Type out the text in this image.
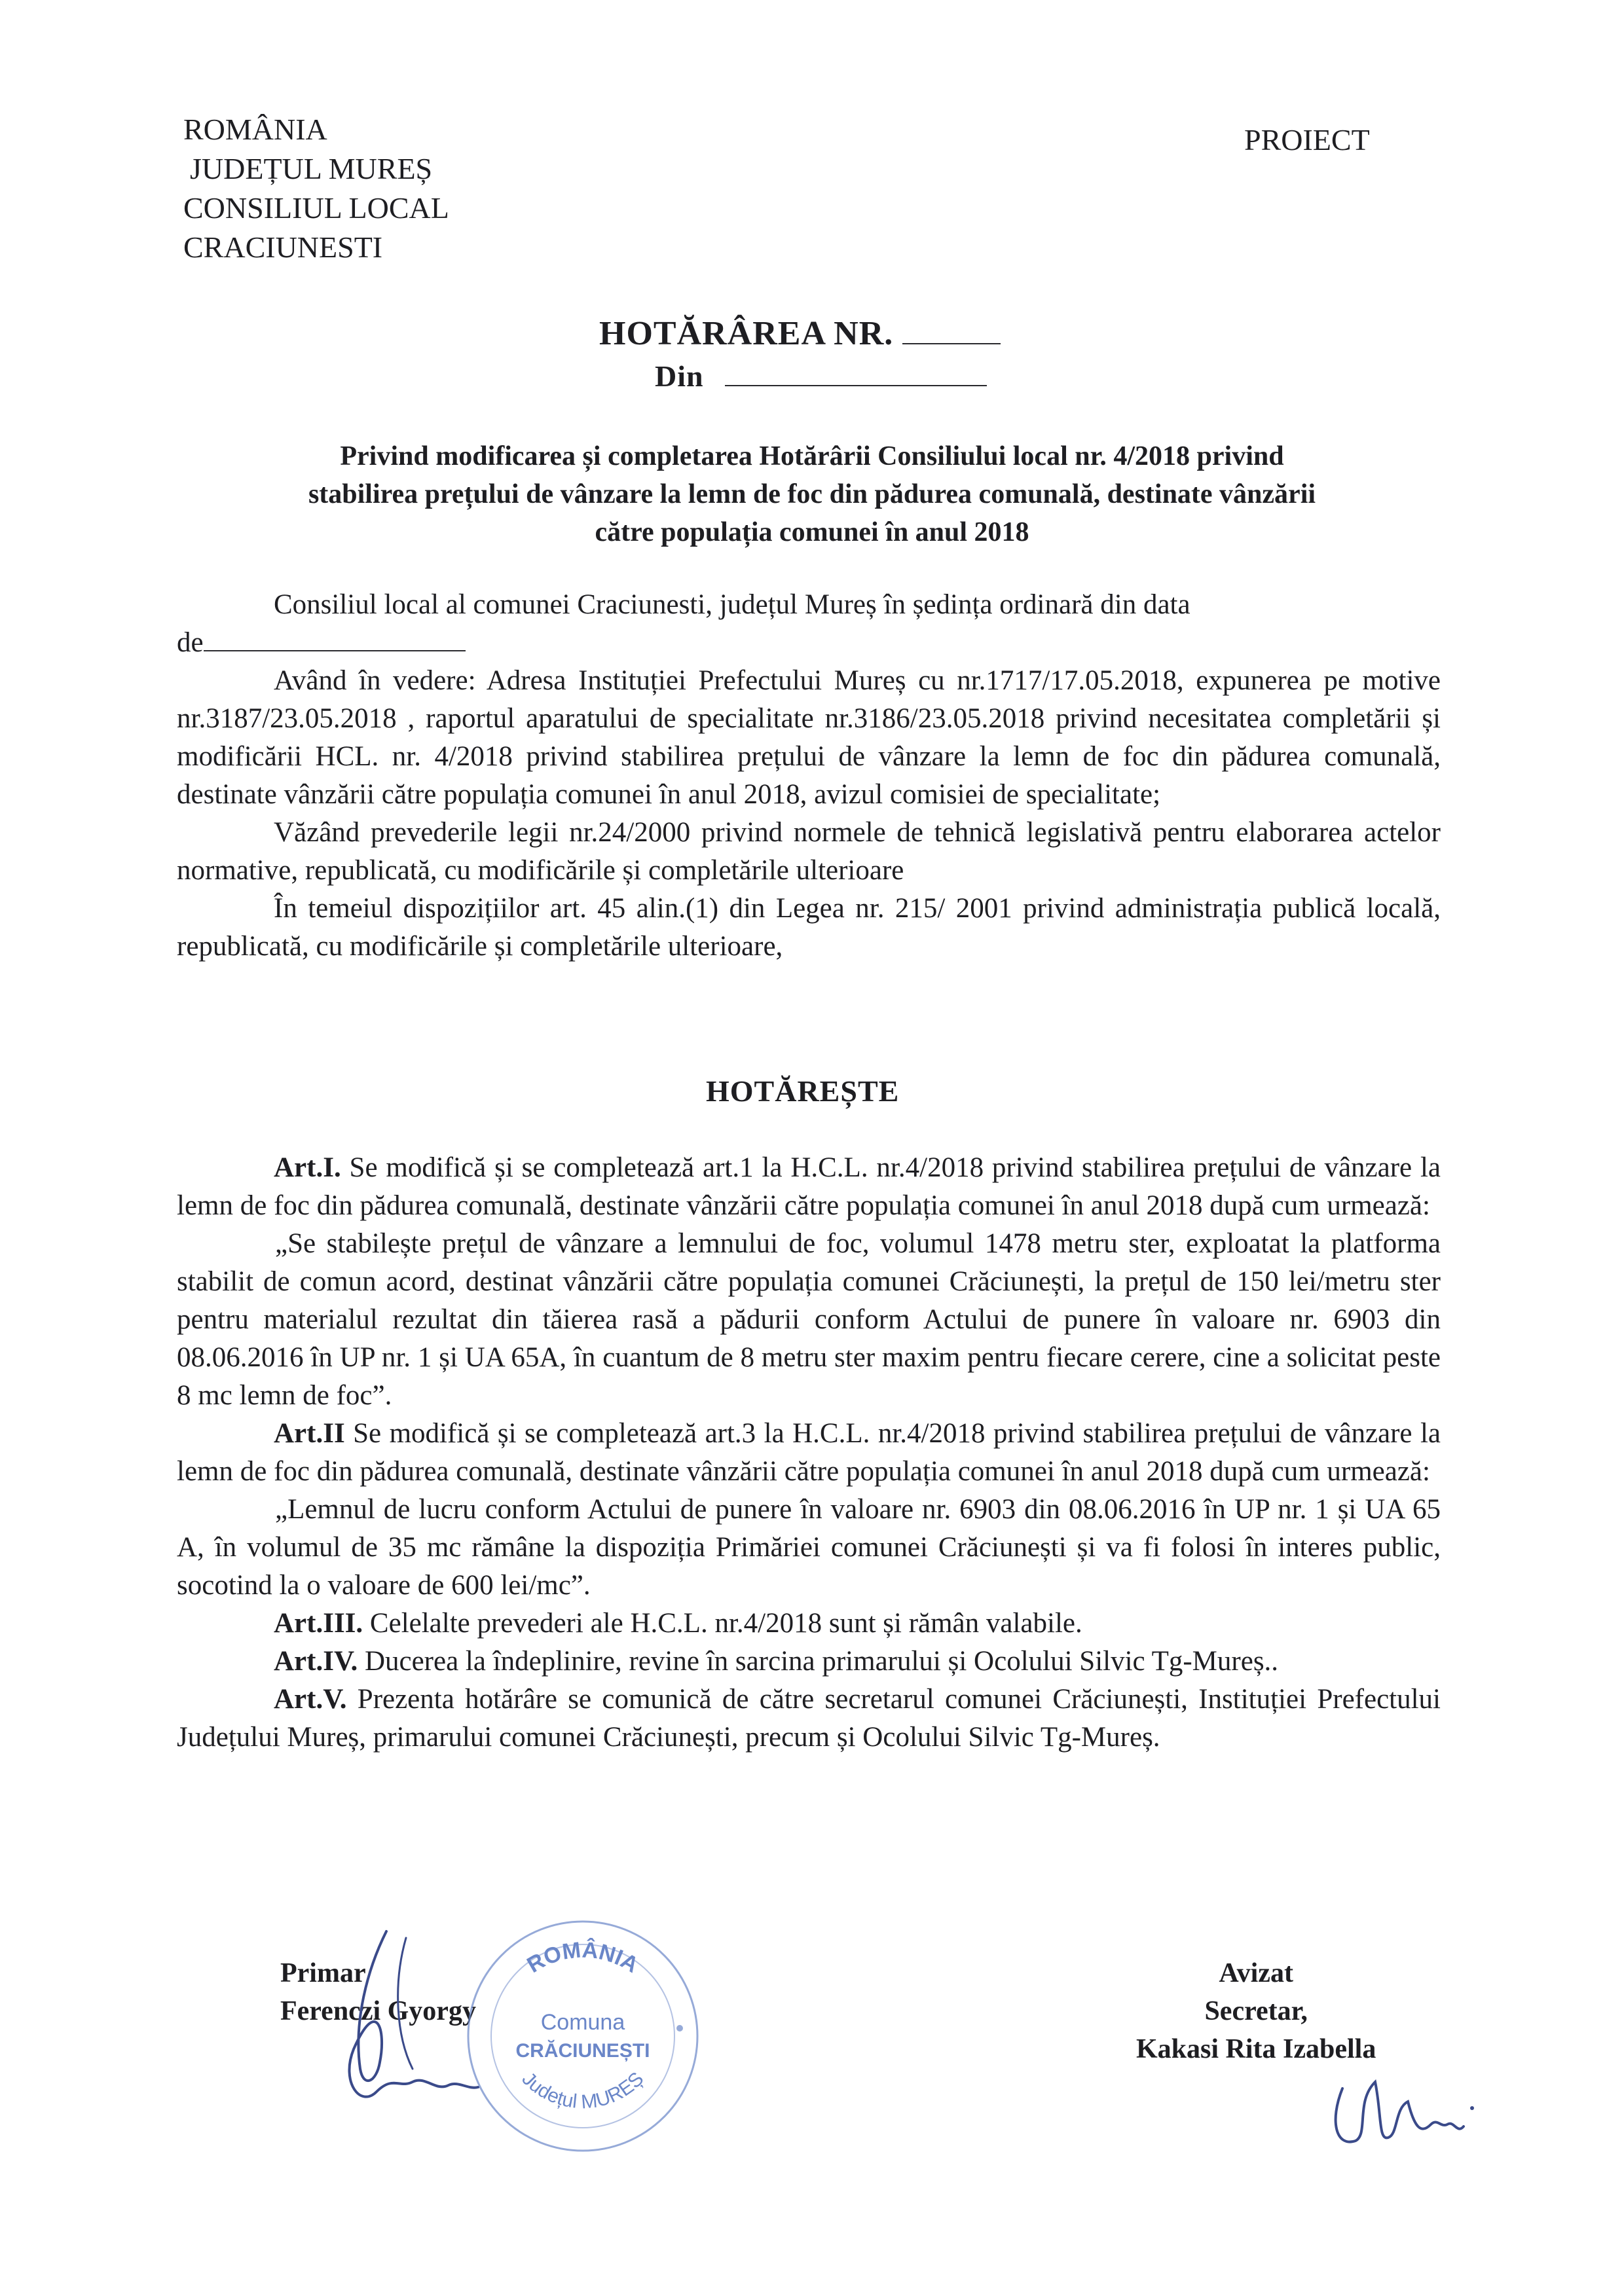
ROMÂNIA
JUDEȚUL MUREȘ
CONSILIUL LOCAL
CRACIUNESTI
PROIECT
HOTĂRÂREA NR.
Din
Privind modificarea și completarea Hotărârii Consiliului local nr. 4/2018 privind
stabilirea prețului de vânzare la lemn de foc din pădurea comunală, destinate vânzării
către populația comunei în anul 2018

Consiliul local al comunei Craciunesti, județul Mureș în ședința ordinară din data

de

Având în vedere: Adresa Instituției Prefectului Mureș cu nr.1717/17.05.2018, expunerea pe motive nr.3187/23.05.2018 , raportul aparatului de specialitate nr.3186/23.05.2018 privind necesitatea completării și modificării HCL. nr. 4/2018 privind stabilirea prețului de vânzare la lemn de foc din pădurea comunală, destinate vânzării către populația comunei în anul 2018, avizul comisiei de specialitate;

Văzând prevederile legii nr.24/2000 privind normele de tehnică legislativă pentru elaborarea actelor normative, republicată, cu modificările și completările ulterioare

În temeiul dispozițiilor art. 45 alin.(1) din Legea nr. 215/ 2001 privind administrația publică locală, republicată, cu modificările și completările ulterioare,

HOTĂREȘTE

Art.I. Se modifică și se completează art.1 la H.C.L. nr.4/2018 privind stabilirea prețului de vânzare la lemn de foc din pădurea comunală, destinate vânzării către populația comunei în anul 2018 după cum urmează:

„Se stabilește prețul de vânzare a lemnului de foc, volumul 1478 metru ster, exploatat la platforma stabilit de comun acord, destinat vânzării către populația comunei Crăciunești, la prețul de 150 lei/metru ster pentru materialul rezultat din tăierea rasă a pădurii conform Actului de punere în valoare nr. 6903 din 08.06.2016 în UP nr. 1 și UA 65A, în cuantum de 8 metru ster maxim pentru fiecare cerere, cine a solicitat peste 8 mc lemn de foc”.

Art.II Se modifică și se completează art.3 la H.C.L. nr.4/2018 privind stabilirea prețului de vânzare la lemn de foc din pădurea comunală, destinate vânzării către populația comunei în anul 2018 după cum urmează:

„Lemnul de lucru conform Actului de punere în valoare nr. 6903 din 08.06.2016 în UP nr. 1 și UA 65 A, în volumul de 35 mc rămâne la dispoziția Primăriei comunei Crăciunești și va fi folosi în interes public, socotind la o valoare de 600 lei/mc”.

Art.III. Celelalte prevederi ale H.C.L. nr.4/2018 sunt și rămân valabile.

Art.IV. Ducerea la îndeplinire, revine în sarcina primarului și Ocolului Silvic Tg-Mureș..

Art.V. Prezenta hotărâre se comunică de către secretarul comunei Crăciunești, Instituției Prefectului Județului Mureș, primarului comunei Crăciunești, precum și Ocolului Silvic Tg-Mureș.

Primar
Ferenczi Gyorgy
ROMÂNIA
Comuna
CRĂCIUNEȘTI
Județul MUREȘ
Avizat
Secretar,
Kakasi Rita Izabella
